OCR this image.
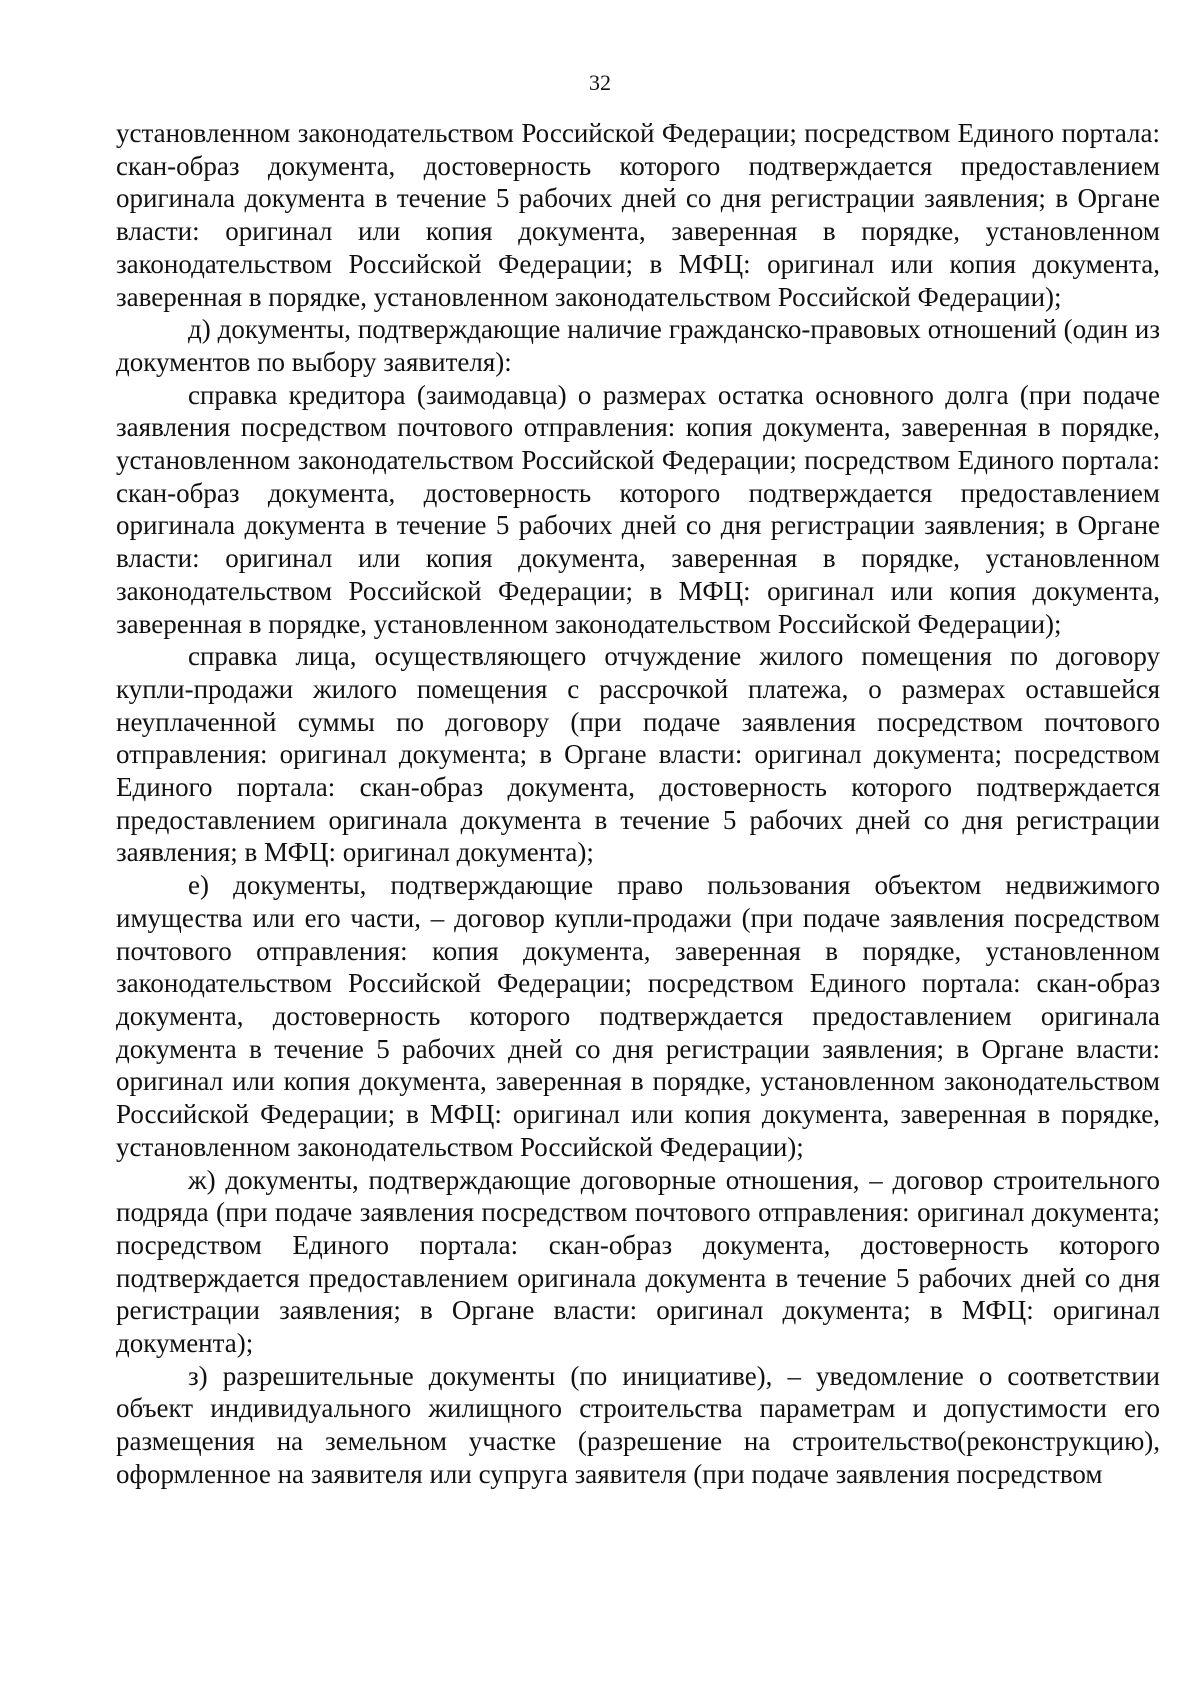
32

установленном законодательством Российской Федерации; посредством Единого портала: скан-образ документа, достоверность которого подтверждается предоставлением оригинала документа в течение 5 рабочих дней со дня регистрации заявления; в Органе власти: оригинал или копия документа, заверенная в порядке, установленном законодательством Российской Федерации; в МФЦ: оригинал или копия документа, заверенная в порядке, установленном законодательством Российской Федерации);

д) документы, подтверждающие наличие гражданско-правовых отношений (один из документов по выбору заявителя):

справка кредитора (заимодавца) о размерах остатка основного долга (при подаче заявления посредством почтового отправления: копия документа, заверенная в порядке, установленном законодательством Российской Федерации; посредством Единого портала: скан-образ документа, достоверность которого подтверждается предоставлением оригинала документа в течение 5 рабочих дней со дня регистрации заявления; в Органе власти: оригинал или копия документа, заверенная в порядке, установленном законодательством Российской Федерации; в МФЦ: оригинал или копия документа, заверенная в порядке, установленном законодательством Российской Федерации);

справка лица, осуществляющего отчуждение жилого помещения по договору купли-продажи жилого помещения с рассрочкой платежа, о размерах оставшейся неуплаченной суммы по договору (при подаче заявления посредством почтового отправления: оригинал документа; в Органе власти: оригинал документа; посредством Единого портала: скан-образ документа, достоверность которого подтверждается предоставлением оригинала документа в течение 5 рабочих дней со дня регистрации заявления; в МФЦ: оригинал документа);

е) документы, подтверждающие право пользования объектом недвижимого имущества или его части, – договор купли-продажи (при подаче заявления посредством почтового отправления: копия документа, заверенная в порядке, установленном законодательством Российской Федерации; посредством Единого портала: скан-образ документа, достоверность которого подтверждается предоставлением оригинала документа в течение 5 рабочих дней со дня регистрации заявления; в Органе власти: оригинал или копия документа, заверенная в порядке, установленном законодательством Российской Федерации; в МФЦ: оригинал или копия документа, заверенная в порядке, установленном законодательством Российской Федерации);

ж) документы, подтверждающие договорные отношения, – договор строительного подряда (при подаче заявления посредством почтового отправления: оригинал документа; посредством Единого портала: скан-образ документа, достоверность которого подтверждается предоставлением оригинала документа в течение 5 рабочих дней со дня регистрации заявления; в Органе власти: оригинал документа; в МФЦ: оригинал документа);

з) разрешительные документы (по инициативе), – уведомление о соответствии объект индивидуального жилищного строительства параметрам и допустимости его размещения на земельном участке (разрешение на строительство(реконструкцию), оформленное на заявителя или супруга заявителя (при подаче заявления посредством
